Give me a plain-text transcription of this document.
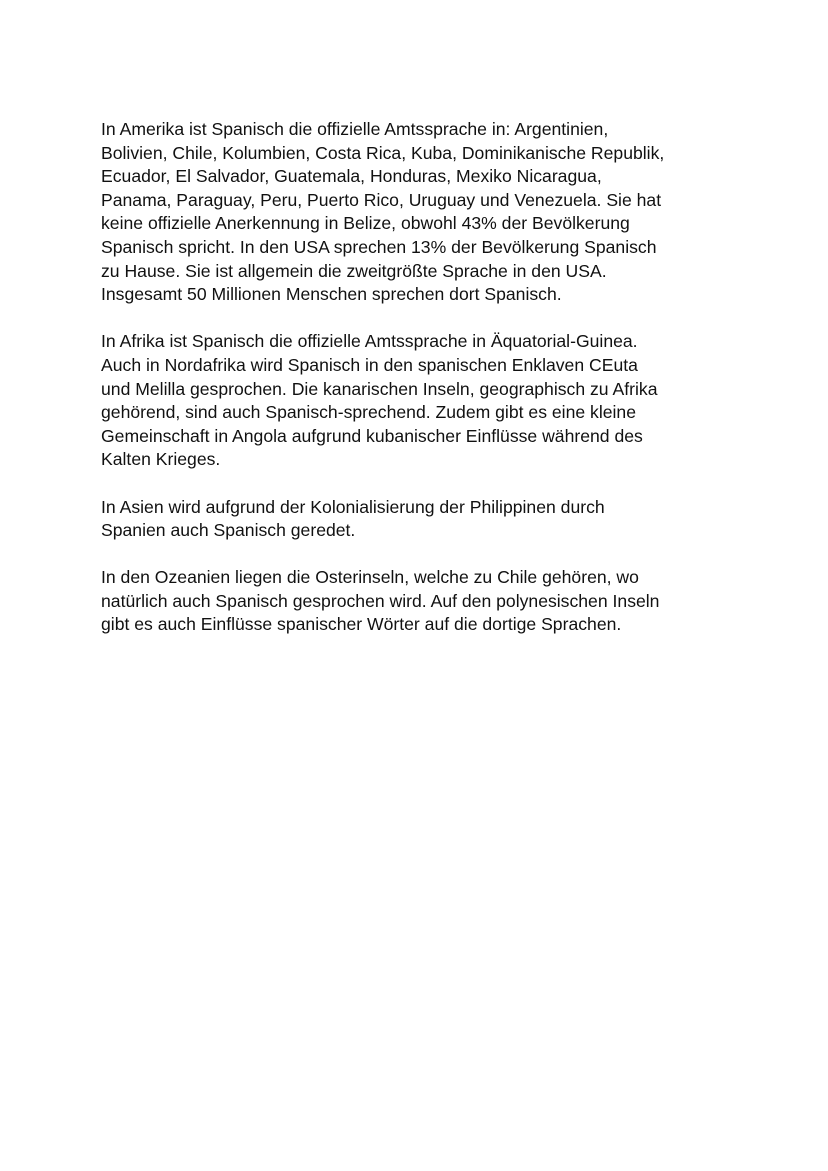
In Amerika ist Spanisch die offizielle Amtssprache in: Argentinien,
Bolivien, Chile, Kolumbien, Costa Rica, Kuba, Dominikanische Republik,
Ecuador, El Salvador, Guatemala, Honduras, Mexiko Nicaragua,
Panama, Paraguay, Peru, Puerto Rico, Uruguay und Venezuela. Sie hat
keine offizielle Anerkennung in Belize, obwohl 43% der Bevölkerung
Spanisch spricht. In den USA sprechen 13% der Bevölkerung Spanisch
zu Hause. Sie ist allgemein die zweitgrößte Sprache in den USA.
Insgesamt 50 Millionen Menschen sprechen dort Spanisch.

In Afrika ist Spanisch die offizielle Amtssprache in Äquatorial-Guinea.
Auch in Nordafrika wird Spanisch in den spanischen Enklaven CEuta
und Melilla gesprochen. Die kanarischen Inseln, geographisch zu Afrika
gehörend, sind auch Spanisch-sprechend. Zudem gibt es eine kleine
Gemeinschaft in Angola aufgrund kubanischer Einflüsse während des
Kalten Krieges.

In Asien wird aufgrund der Kolonialisierung der Philippinen durch
Spanien auch Spanisch geredet.

In den Ozeanien liegen die Osterinseln, welche zu Chile gehören, wo
natürlich auch Spanisch gesprochen wird. Auf den polynesischen Inseln
gibt es auch Einflüsse spanischer Wörter auf die dortige Sprachen.
